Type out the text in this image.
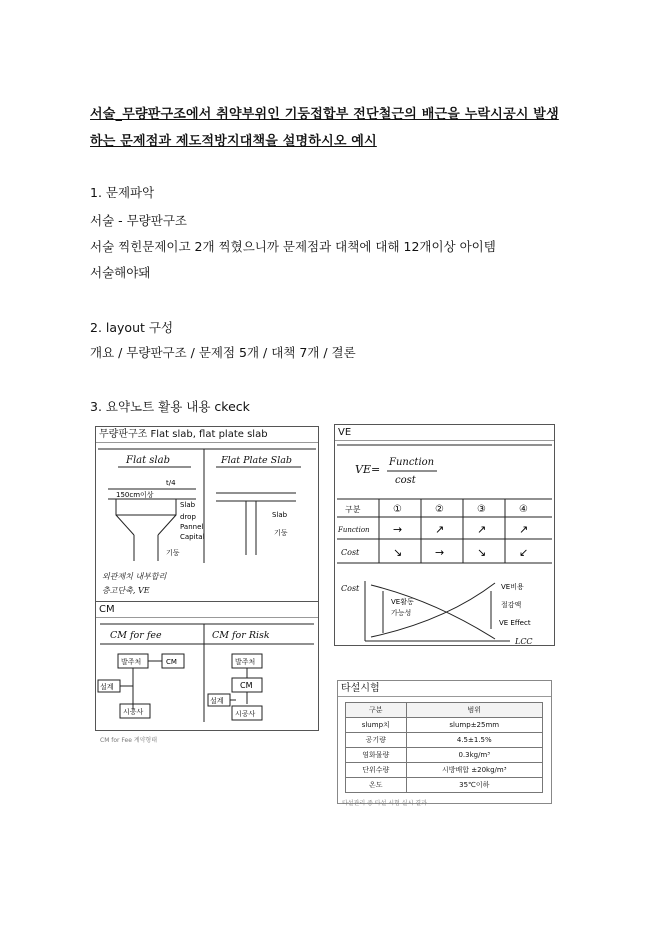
서술_무량판구조에서 취약부위인 기둥접합부 전단철근의 배근을 누락시공시 발생하는 문제점과 제도적방지대책을 설명하시오 예시
1. 문제파악
서술 - 무량판구조
서술 찍힌문제이고 2개 찍혔으니까 문제점과 대책에 대해 12개이상 아이템
서술해야돼
2. layout 구성
개요 / 무량판구조 / 문제점 5개 / 대책 7개 / 결론
3. 요약노트 활용 내용 ckeck
무량판구조 Flat slab, flat plate slab
Flat slab	Flat Plate Slab
t/4
150cm이상
Slab
drop
Pannel
Capital
기둥
Slab
기둥
외관제치 내부합리
층고단축, VE
CM
CM for fee	CM for Risk
발주처	CM
설계
시공사
발주처
CM
설계
시공사
CM for Fee 계약형태
VE
VE=
Function
cost
구분	①	②	③	④
Function →	↗	↗	↗
Cost	↘	→	↘	↙
Cost
LCC
VE활동
가능성
VE비용
절감액
VE Effect
타설시험
구분	범위
slump치	slump±25mm
공기량	4.5±1.5%
염화물량	0.3kg/m³
단위수량	시방배합 ±20kg/m³
온도	35℃이하
타설관리 중 타설 시험 실시 결과
